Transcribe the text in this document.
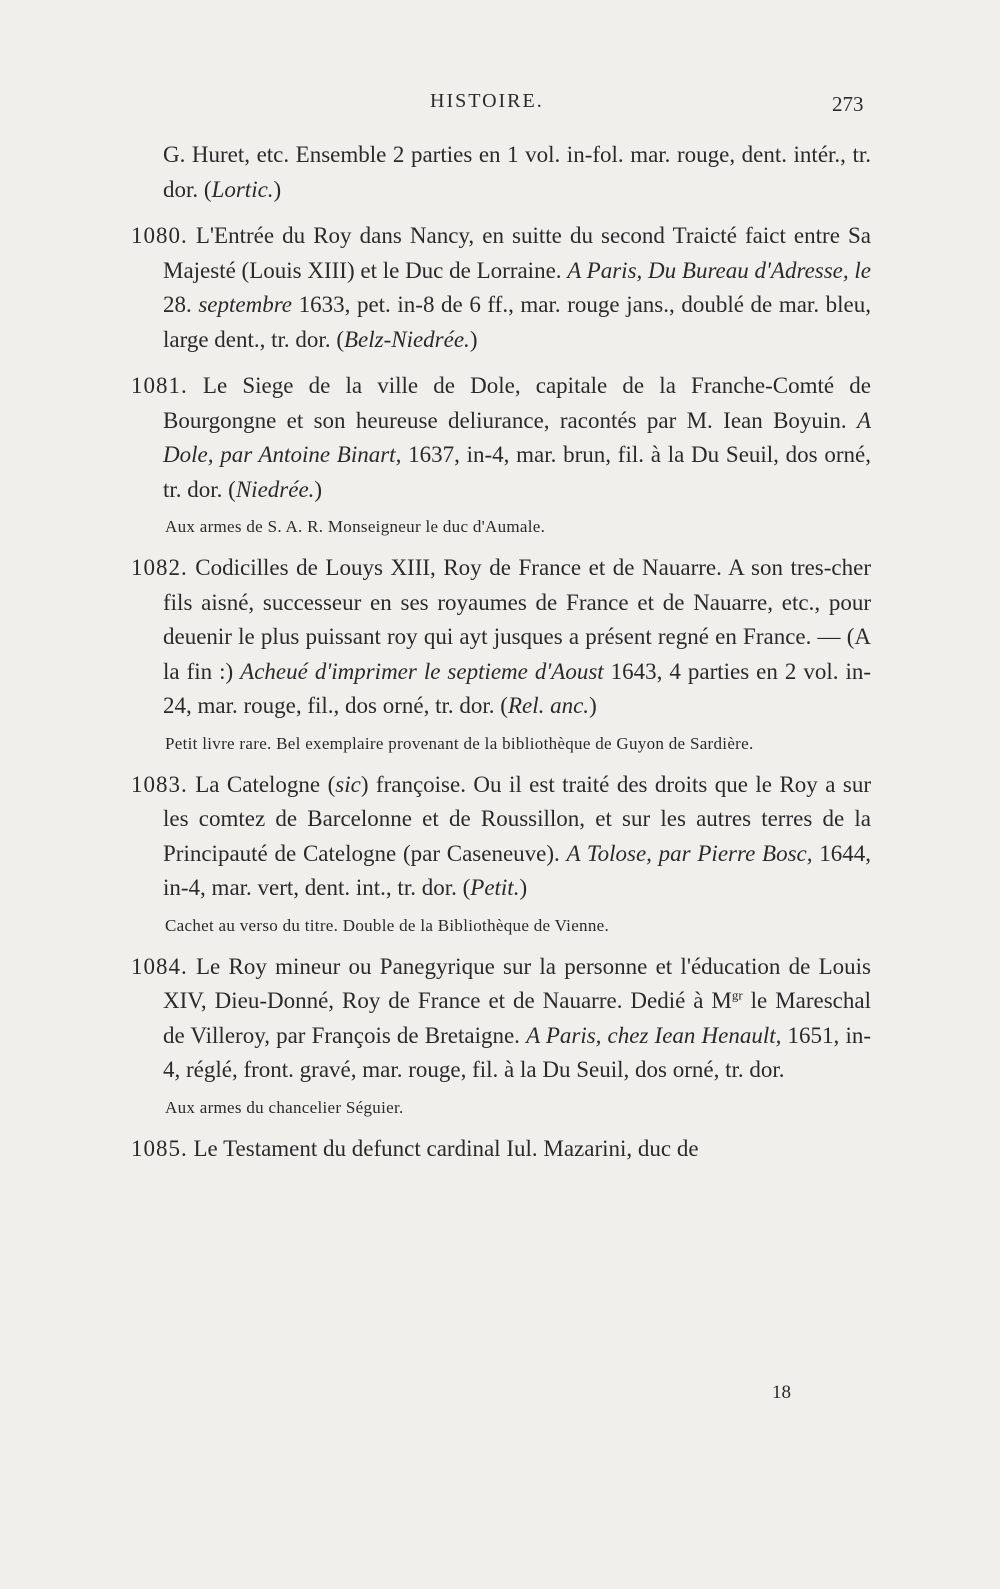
HISTOIRE.	273

G. Huret, etc. Ensemble 2 parties en 1 vol. in-fol. mar. rouge, dent. intér., tr. dor. (Lortic.)

1080. L'Entrée du Roy dans Nancy, en suitte du second Traicté faict entre Sa Majesté (Louis XIII) et le Duc de Lorraine. A Paris, Du Bureau d'Adresse, le 28. septembre 1633, pet. in-8 de 6 ff., mar. rouge jans., doublé de mar. bleu, large dent., tr. dor. (Belz-Niedrée.)

1081. Le Siege de la ville de Dole, capitale de la Franche-Comté de Bourgongne et son heureuse deliurance, racontés par M. Iean Boyuin. A Dole, par Antoine Binart, 1637, in-4, mar. brun, fil. à la Du Seuil, dos orné, tr. dor. (Niedrée.)

Aux armes de S. A. R. Monseigneur le duc d'Aumale.

1082. Codicilles de Louys XIII, Roy de France et de Nauarre. A son tres-cher fils aisné, successeur en ses royaumes de France et de Nauarre, etc., pour deuenir le plus puissant roy qui ayt jusques a présent regné en France. — (A la fin :) Acheué d'imprimer le septieme d'Aoust 1643, 4 parties en 2 vol. in-24, mar. rouge, fil., dos orné, tr. dor. (Rel. anc.)

Petit livre rare. Bel exemplaire provenant de la bibliothèque de Guyon de Sardière.

1083. La Catelogne (sic) françoise. Ou il est traité des droits que le Roy a sur les comtez de Barcelonne et de Roussillon, et sur les autres terres de la Principauté de Catelogne (par Caseneuve). A Tolose, par Pierre Bosc, 1644, in-4, mar. vert, dent. int., tr. dor. (Petit.)

Cachet au verso du titre. Double de la Bibliothèque de Vienne.

1084. Le Roy mineur ou Panegyrique sur la personne et l'éducation de Louis XIV, Dieu-Donné, Roy de France et de Nauarre. Dedié à $M^{gr}$ le Mareschal de Villeroy, par François de Bretaigne. A Paris, chez Iean Henault, 1651, in-4, réglé, front. gravé, mar. rouge, fil. à la Du Seuil, dos orné, tr. dor.

Aux armes du chancelier Séguier.

1085. Le Testament du defunct cardinal Iul. Mazarini, duc de

18
